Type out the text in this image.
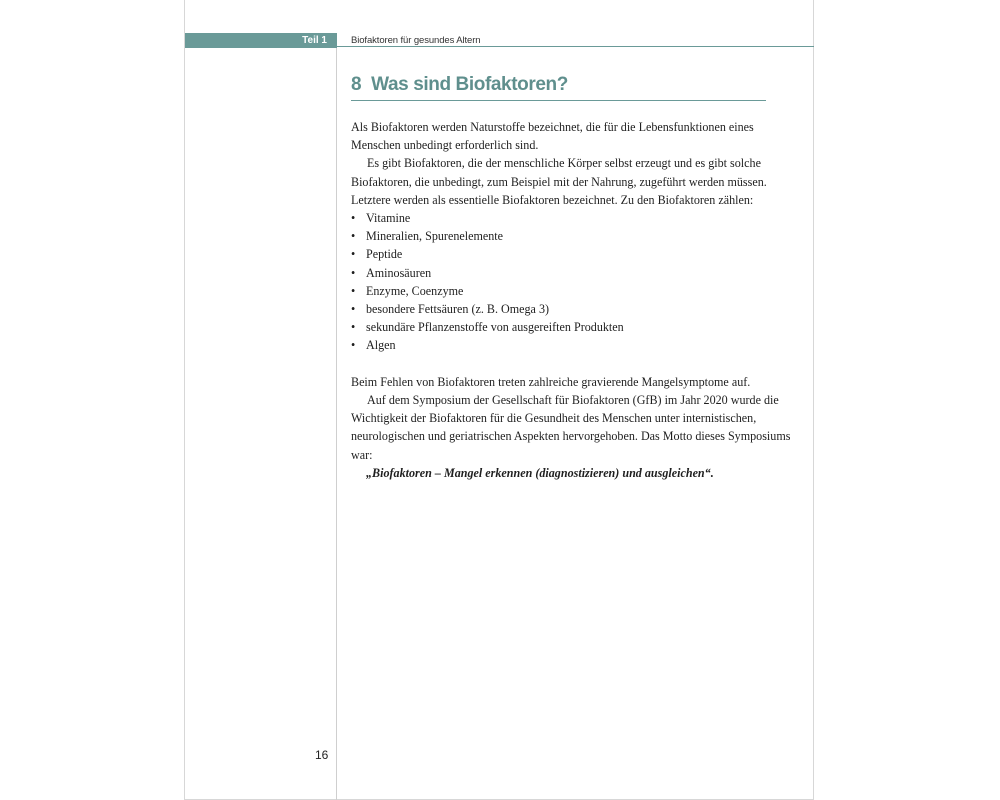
Teil 1	Biofaktoren für gesundes Altern
8 Was sind Biofaktoren?

Als Biofaktoren werden Naturstoffe bezeichnet, die für die Lebensfunktionen eines Menschen unbedingt erforderlich sind.

Es gibt Biofaktoren, die der menschliche Körper selbst erzeugt und es gibt solche Biofaktoren, die unbedingt, zum Beispiel mit der Nahrung, zugeführt werden müssen. Letztere werden als essentielle Biofaktoren bezeichnet. Zu den Biofaktoren zählen:

• Vitamine
• Mineralien, Spurenelemente
• Peptide
• Aminosäuren
• Enzyme, Coenzyme
• besondere Fettsäuren (z. B. Omega 3)
• sekundäre Pflanzenstoffe von ausgereiften Produkten
• Algen

Beim Fehlen von Biofaktoren treten zahlreiche gravierende Mangelsymptome auf.

Auf dem Symposium der Gesellschaft für Biofaktoren (GfB) im Jahr 2020 wurde die Wichtigkeit der Biofaktoren für die Gesundheit des Menschen unter internistischen, neurologischen und geriatrischen Aspekten hervorgehoben. Das Motto dieses Symposiums war:

„Biofaktoren – Mangel erkennen (diagnostizieren) und ausgleichen“.

16
